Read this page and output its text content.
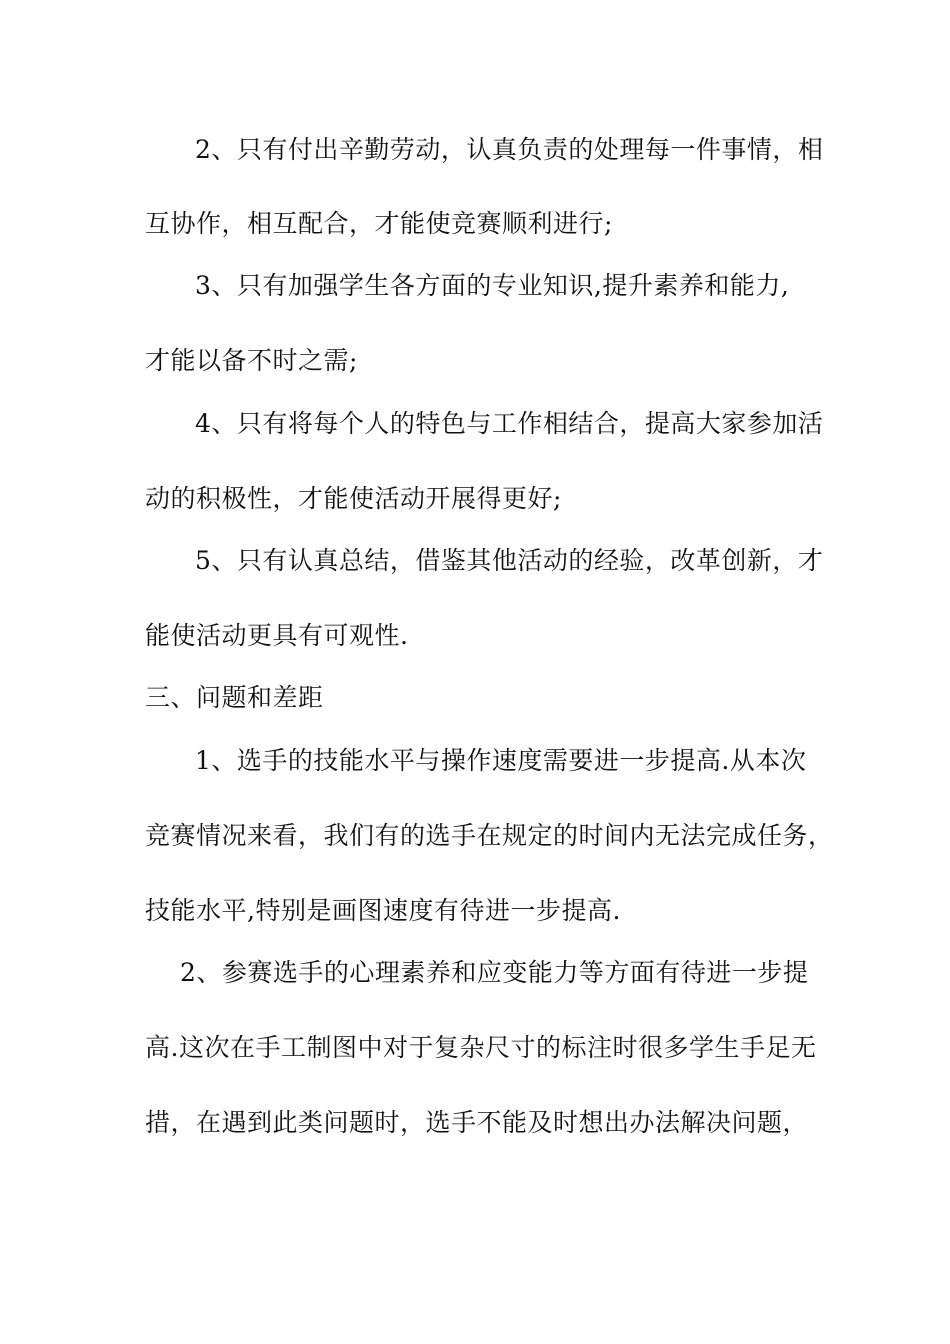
2、只有付出辛勤劳动，认真负责的处理每一件事情，相
互协作，相互配合，才能使竞赛顺利进行;
3、只有加强学生各方面的专业知识,提升素养和能力,
才能以备不时之需;
4、只有将每个人的特色与工作相结合，提高大家参加活
动的积极性，才能使活动开展得更好;
5、只有认真总结，借鉴其他活动的经验，改革创新，才
能使活动更具有可观性.
三、问题和差距
1、选手的技能水平与操作速度需要进一步提高.从本次
竞赛情况来看，我们有的选手在规定的时间内无法完成任务，
技能水平,特别是画图速度有待进一步提高.
2、参赛选手的心理素养和应变能力等方面有待进一步提
高.这次在手工制图中对于复杂尺寸的标注时很多学生手足无
措，在遇到此类问题时，选手不能及时想出办法解决问题，
